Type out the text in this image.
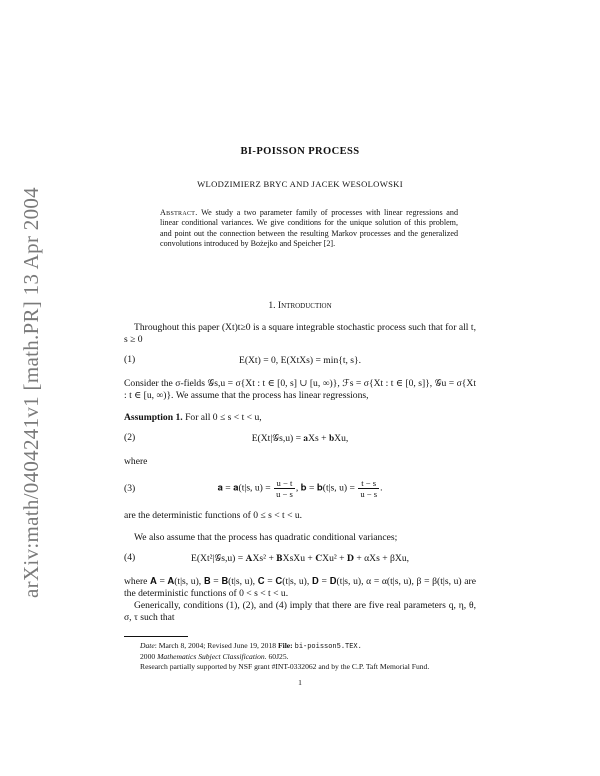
arXiv:math/0404241v1 [math.PR] 13 Apr 2004
BI-POISSON PROCESS
WLODZIMIERZ BRYC AND JACEK WESOLOWSKI
Abstract. We study a two parameter family of processes with linear regressions and linear conditional variances. We give conditions for the unique solution of this problem, and point out the connection between the resulting Markov processes and the generalized convolutions introduced by Bożejko and Speicher [2].
1. Introduction

Throughout this paper (Xt)t≥0 is a square integrable stochastic process such that for all t, s ≥ 0

(1)	E(Xt) = 0, E(XtXs) = min{t, s}.

Consider the σ-fields 𝒢s,u = σ{Xt : t ∈ [0, s] ∪ [u, ∞)}, ℱs = σ{Xt : t ∈ [0, s]}, 𝒢u = σ{Xt : t ∈ [u, ∞)}. We assume that the process has linear regressions,

Assumption 1. For all 0 ≤ s < t < u,

(2)	E(Xt|𝒢s,u) = 𝐚Xs + 𝐛Xu,

where

(3)	𝐚 = 𝐚(t|s, $u) = \frac{u - t}{u - s}$ , 𝐛 = 𝐛(t|s, $u) = \frac{t - s}{u - s}$ .

are the deterministic functions of 0 ≤ s < t < u.

We also assume that the process has quadratic conditional variances;

(4)	E(Xt²|𝒢s,u) = 𝐀Xs² + 𝐁XsXu + 𝐂Xu² + 𝐃 + αXs + βXu,

where 𝐀 = 𝐀(t|s, u), 𝐁 = 𝐁(t|s, u), 𝐂 = 𝐂(t|s, u), 𝐃 = 𝐃(t|s, u), α = α(t|s, u), β = β(t|s, u) are the deterministic functions of 0 < s < t < u.

Generically, conditions (1), (2), and (4) imply that there are five real parameters q, η, θ, σ, τ such that

Date: March 8, 2004; Revised June 19, 2018 File: bi-poisson5.TEX.
2000 Mathematics Subject Classification. 60J25.
Research partially supported by NSF grant #INT-0332062 and by the C.P. Taft Memorial Fund.
1
